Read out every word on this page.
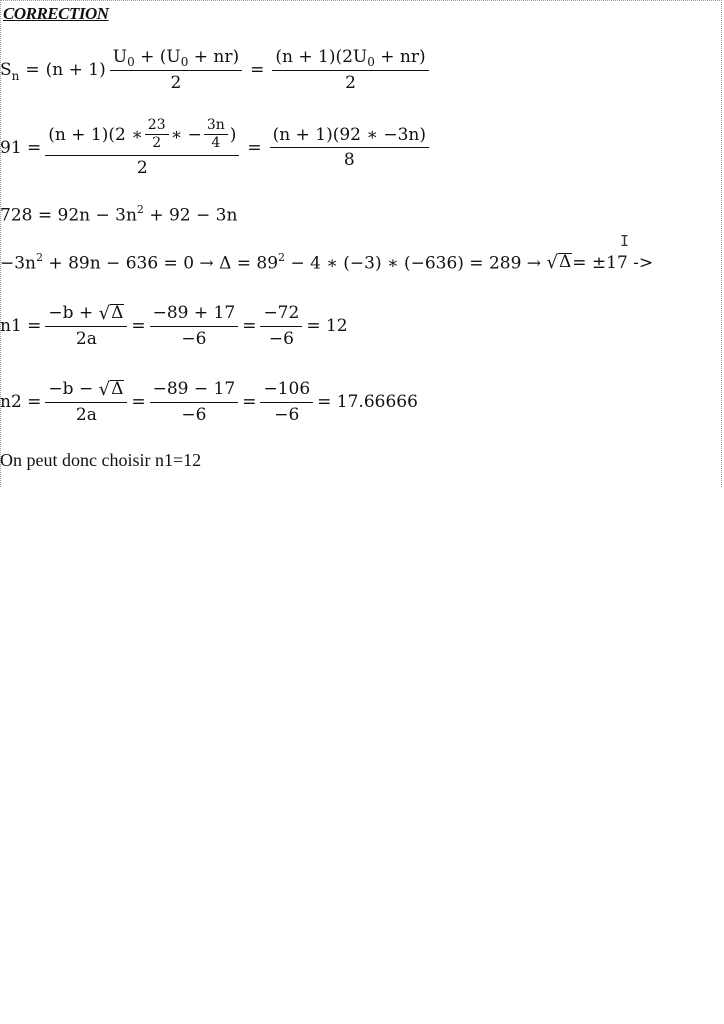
CORRECTION
$S_n = (n + 1)$ U 0
+ (U 0
+ nr)
2 = (n + 1)(2U 0
+ nr)
2
91 =
(n + 1)(2 ∗ $\frac{23}{2}$ ∗ − $\frac{3n}{4}$ )
2
= $\frac{(n + 1)(92 ∗ -3n)}{8}$
$728 = 92n - 3n^2 + 92 - 3n$
$-3n^2 + 89n - 636 = 0 \to \Delta = 89^2 - 4$ ∗ (−3) ∗ (−636) = 289 → √ Δ = ±17 ->
I
n1 = −b +
√ Δ
$2a = \frac{-89 + 17}{-6} = \frac{-72}{-6} = 12$
n2 = −b −
√ Δ
$2a = \frac{-89 - 17}{-6} = \frac{-106}{-6} = 17.66666$
On peut donc choisir n1=12
